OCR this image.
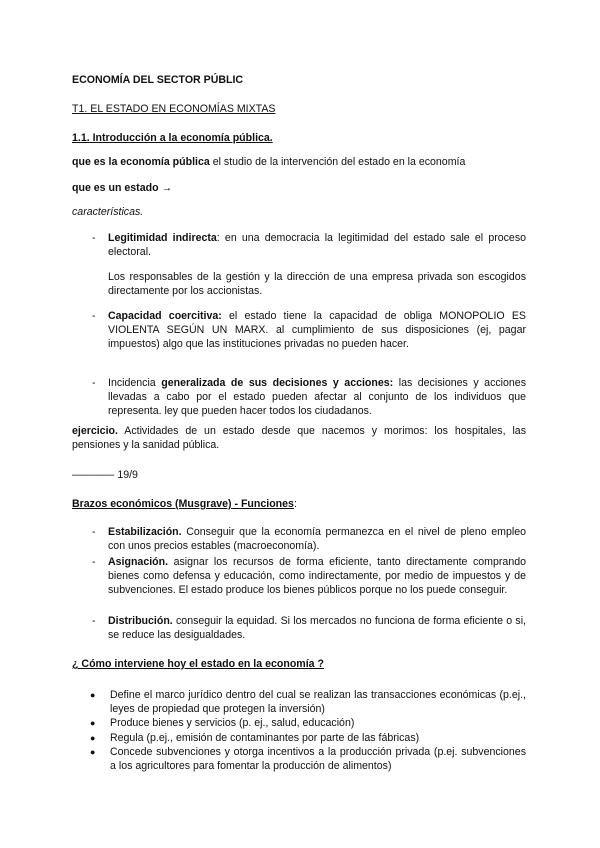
ECONOMÍA DEL SECTOR PÚBLIC
T1. EL ESTADO EN ECONOMÍAS MIXTAS
1.1. Introducción a la economía pública.
que es la economía pública el studio de la intervención del estado en la economía
que es un estado →
características.
- Legitimidad indirecta: en una democracia la legitimidad del estado sale el proceso electoral.
Los responsables de la gestión y la dirección de una empresa privada son escogidos directamente por los accionistas.
- Capacidad coercitiva: el estado tiene la capacidad de obliga MONOPOLIO ES VIOLENTA SEGÚN UN MARX. al cumplimiento de sus disposiciones (ej, pagar impuestos) algo que las instituciones privadas no pueden hacer.
- Incidencia generalizada de sus decisiones y acciones: las decisiones y acciones llevadas a cabo por el estado pueden afectar al conjunto de los individuos que representa. ley que pueden hacer todos los ciudadanos.
ejercicio. Actividades de un estado desde que nacemos y morimos: los hospitales, las pensiones y la sanidad pública.
———— 19/9
Brazos económicos (Musgrave) - Funciones:
- Estabilización. Conseguir que la economía permanezca en el nivel de pleno empleo con unos precios estables (macroeconomía).
- Asignación. asignar los recursos de forma eficiente, tanto directamente comprando bienes como defensa y educación, como indirectamente, por medio de impuestos y de subvenciones. El estado produce los bienes públicos porque no los puede conseguir.
- Distribución. conseguir la equidad. Si los mercados no funciona de forma eficiente o si, se reduce las desigualdades.
¿ Cómo interviene hoy el estado en la economía ?
● Define el marco jurídico dentro del cual se realizan las transacciones económicas (p.ej., leyes de propiedad que protegen la inversión)
● Produce bienes y servicios (p. ej., salud, educación)
● Regula (p.ej., emisión de contaminantes por parte de las fábricas)
● Concede subvenciones y otorga incentivos a la producción privada (p.ej. subvenciones a los agricultores para fomentar la producción de alimentos)
